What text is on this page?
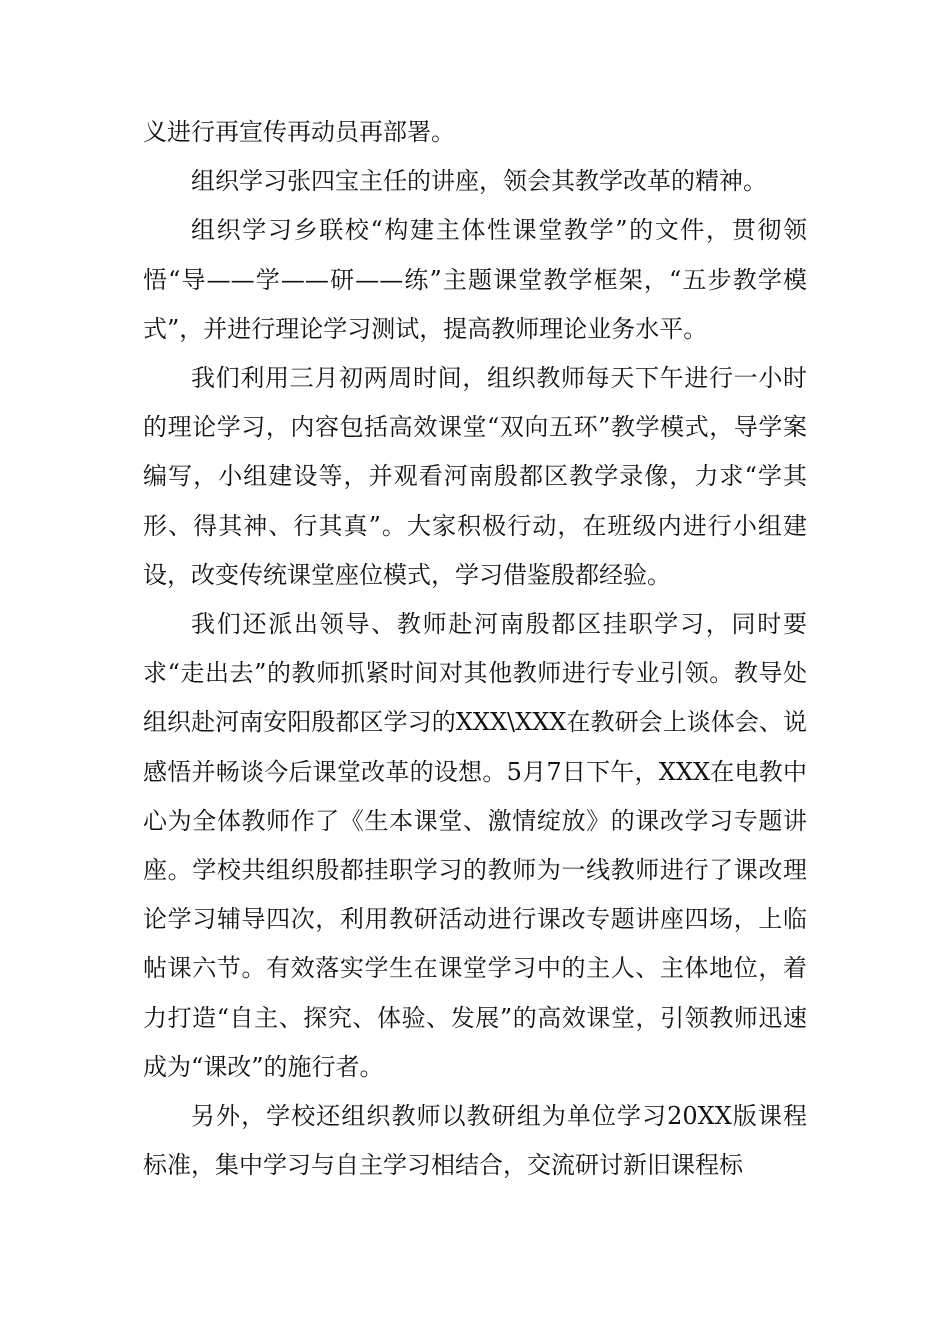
义进行再宣传再动员再部署。

组织学习张四宝主任的讲座，领会其教学改革的精神。

组织学习乡联校“构建主体性课堂教学”的文件，贯彻领悟“导——学——研——练”主题课堂教学框架，“五步教学模式”，并进行理论学习测试，提高教师理论业务水平。

我们利用三月初两周时间，组织教师每天下午进行一小时的理论学习，内容包括高效课堂“双向五环”教学模式，导学案编写，小组建设等，并观看河南殷都区教学录像，力求“学其形、得其神、行其真”。大家积极行动，在班级内进行小组建设，改变传统课堂座位模式，学习借鉴殷都经验。

我们还派出领导、教师赴河南殷都区挂职学习，同时要求“走出去”的教师抓紧时间对其他教师进行专业引领。教导处组织赴河南安阳殷都区学习的XXX\XXX在教研会上谈体会、说感悟并畅谈今后课堂改革的设想。5月7日下午，XXX在电教中心为全体教师作了《生本课堂、激情绽放》的课改学习专题讲座。学校共组织殷都挂职学习的教师为一线教师进行了课改理论学习辅导四次，利用教研活动进行课改专题讲座四场，上临帖课六节。有效落实学生在课堂学习中的主人、主体地位，着力打造“自主、探究、体验、发展”的高效课堂，引领教师迅速成为“课改”的施行者。

另外，学校还组织教师以教研组为单位学习20XX版课程标准，集中学习与自主学习相结合，交流研讨新旧课程标
